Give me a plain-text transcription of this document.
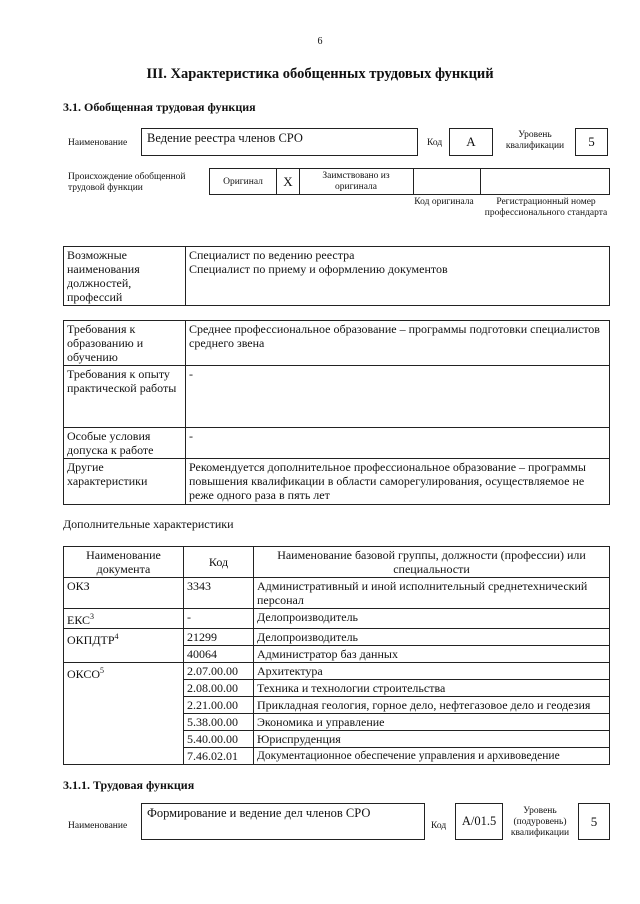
6
III. Характеристика обобщенных трудовых функций
3.1. Обобщенная трудовая функция
Наименование	Ведение реестра членов СРО	Код	A	Уровень квалификации	5
Происхождение обобщенной трудовой функции
Оригинал	X	Заимствовано из оригинала
Код оригинала	Регистрационный номер профессионального стандарта
Возможные наименования должностей, профессий	
Специалист по ведению реестра
Специалист по приему и оформлению документов
Требования к образованию и обучению	Среднее профессиональное образование – программы подготовки специалистов среднего звена
Требования к опыту практической работы	-
Особые условия допуска к работе	-
Другие характеристики	Рекомендуется дополнительное профессиональное образование – программы повышения квалификации в области саморегулирования, осуществляемое не реже одного раза в пять лет
Дополнительные характеристики
Наименование документа	Код	Наименование базовой группы, должности (профессии) или специальности
ОКЗ	3343	Административный и иной исполнительный среднетехнический персонал
ЕКС$^3$	-	Делопроизводитель
ОКПДТР$^4$	21299	Делопроизводитель
	40064	Администратор баз данных
ОКСО$^5$	2.07.00.00	Архитектура
	2.08.00.00	Техника и технологии строительства
	2.21.00.00	Прикладная геология, горное дело, нефтегазовое дело и геодезия
	5.38.00.00	Экономика и управление
	5.40.00.00	Юриспруденция
	7.46.02.01	Документационное обеспечение управления и архивоведение
3.1.1. Трудовая функция
Наименование
Формирование и ведение дел членов СРО
Код	A/01.5
Уровень (подуровень) квалификации
5
